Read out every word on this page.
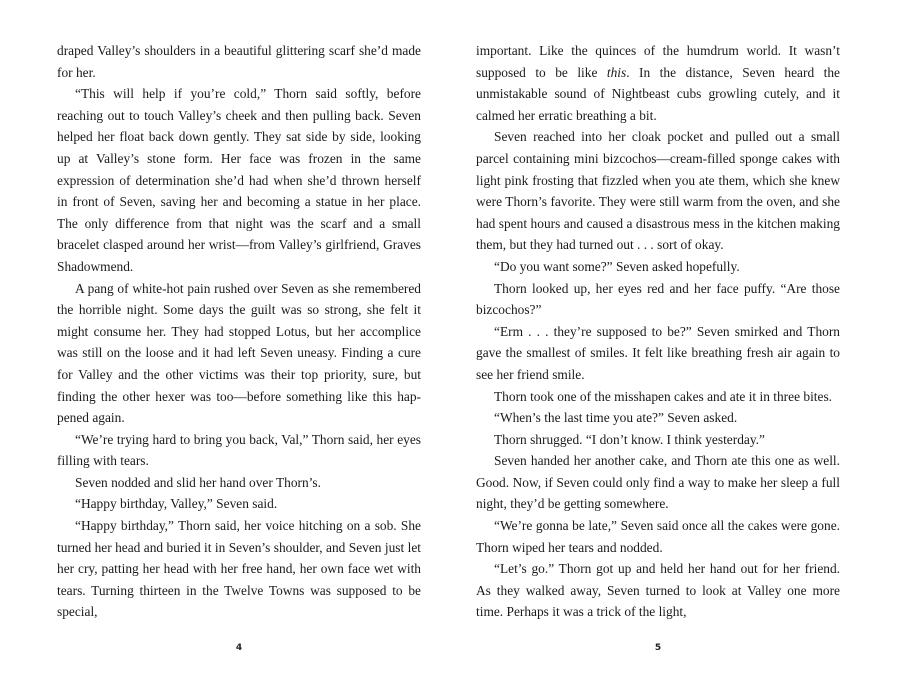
draped Valley’s shoulders in a beautiful glittering scarf she’d made for her.

“This will help if you’re cold,” Thorn said softly, before reaching out to touch Valley’s cheek and then pulling back. Seven helped her float back down gently. They sat side by side, looking up at Valley’s stone form. Her face was frozen in the same expression of determination she’d had when she’d thrown herself in front of Seven, saving her and becoming a statue in her place. The only difference from that night was the scarf and a small bracelet clasped around her wrist—from Valley’s girlfriend, Graves Shadowmend.

A pang of white-hot pain rushed over Seven as she remembered the horrible night. Some days the guilt was so strong, she felt it might consume her. They had stopped Lotus, but her accomplice was still on the loose and it had left Seven uneasy. Finding a cure for Valley and the other victims was their top priority, sure, but finding the other hexer was too—before something like this happened again.

“We’re trying hard to bring you back, Val,” Thorn said, her eyes filling with tears.

Seven nodded and slid her hand over Thorn’s.

“Happy birthday, Valley,” Seven said.

“Happy birthday,” Thorn said, her voice hitching on a sob. She turned her head and buried it in Seven’s shoulder, and Seven just let her cry, patting her head with her free hand, her own face wet with tears. Turning thirteen in the Twelve Towns was supposed to be special,

4

important. Like the quinces of the humdrum world. It wasn’t supposed to be like this. In the distance, Seven heard the unmistakable sound of Nightbeast cubs growling cutely, and it calmed her erratic breathing a bit.

Seven reached into her cloak pocket and pulled out a small parcel containing mini bizcochos—cream-filled sponge cakes with light pink frosting that fizzled when you ate them, which she knew were Thorn’s favorite. They were still warm from the oven, and she had spent hours and caused a disastrous mess in the kitchen making them, but they had turned out . . . sort of okay.

“Do you want some?” Seven asked hopefully.

Thorn looked up, her eyes red and her face puffy. “Are those bizcochos?”

“Erm . . . they’re supposed to be?” Seven smirked and Thorn gave the smallest of smiles. It felt like breathing fresh air again to see her friend smile.

Thorn took one of the misshapen cakes and ate it in three bites.

“When’s the last time you ate?” Seven asked.

Thorn shrugged. “I don’t know. I think yesterday.”

Seven handed her another cake, and Thorn ate this one as well. Good. Now, if Seven could only find a way to make her sleep a full night, they’d be getting somewhere.

“We’re gonna be late,” Seven said once all the cakes were gone. Thorn wiped her tears and nodded.

“Let’s go.” Thorn got up and held her hand out for her friend. As they walked away, Seven turned to look at Valley one more time. Perhaps it was a trick of the light,

5
